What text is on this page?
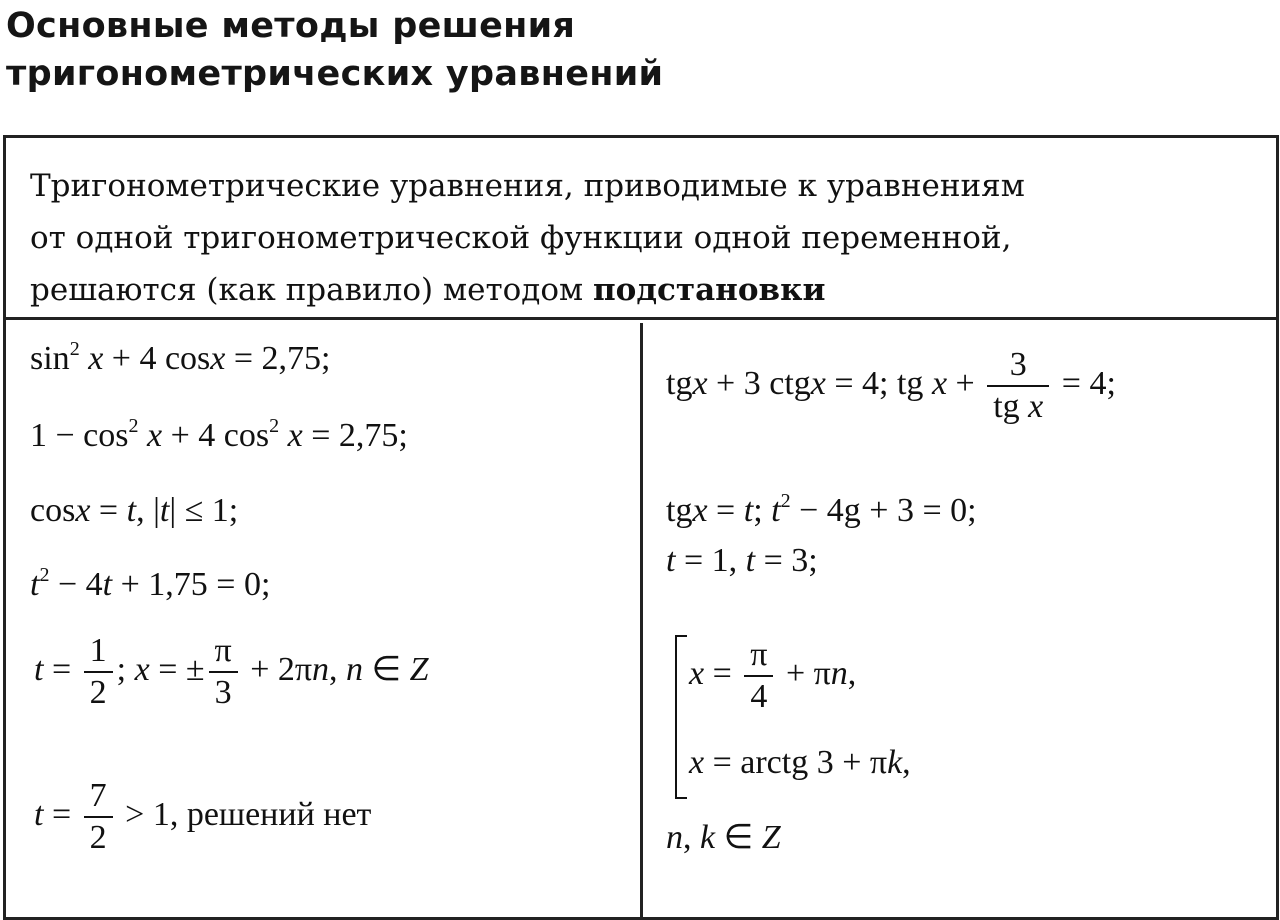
Основные методы решения
тригонометрических уравнений
Тригонометрические уравнения, приводимые к уравнениям
от одной тригонометрической функции одной переменной,
решаются (как правило) методом подстановки
$\sin^2 x + 4$ cosx = 2,75;
$1 - \cos^2 x + 4$ $\cos^2 x = 2,75$;
cosx = t, |t| ≤ 1;
$t^2 - 4t + 1,75 = 0$;
$t = \frac{1}{2}$ ; x = ± $\frac{\pi}{3} + 2\pi n$, n ∈ Z
$t = \frac{7}{2} > 1$, решений нет
tgx + 3 ctgx = 4; tg $x + \frac{3}{\text{tg x}} = 4$;
tgx = t; $t^2 - 4g + 3 = 0$;
t = 1, t = 3;
$x = \frac{\pi}{4} + \pi n$,
x = arctg 3 + πk,
n, k ∈ Z
